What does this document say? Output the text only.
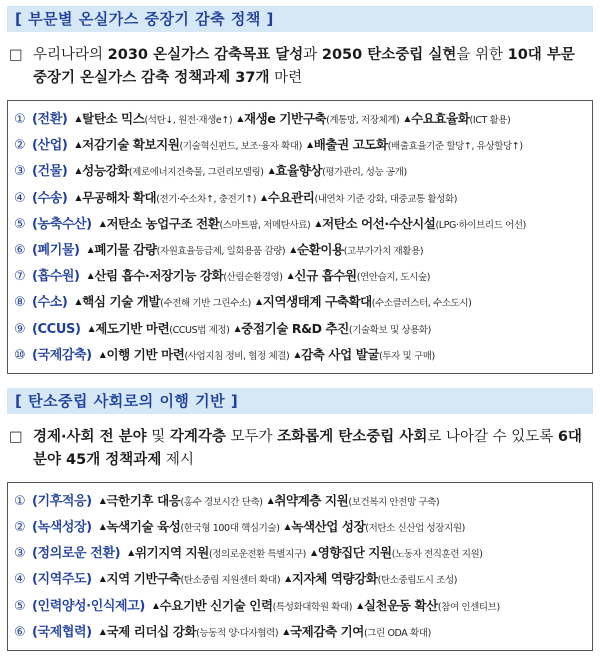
[ 부문별 온실가스 중장기 감축 정책 ]
□ 우리나라의 2030 온실가스 감축목표 달성과 2050 탄소중립 실현을 위한 10대 부문 중장기 온실가스 감축 정책과제 37개 마련
① (전환) ▲탈탄소 믹스(석탄↓, 원전·재생e↑) ▲재생e 기반구축(계통망, 저장체계) ▲수요효율화(ICT 활용)
② (산업) ▲저감기술 확보지원(기술혁신펀드, 보조·융자 확대) ▲배출권 고도화(배출효율기준 할당↑, 유상할당↑)
③ (건물) ▲성능강화(제로에너지건축물, 그린리모델링) ▲효율향상(평가관리, 성능 공개)
④ (수송) ▲무공해차 확대(전기·수소차↑, 충전기↑) ▲수요관리(내연차 기준 강화, 대중교통 활성화)
⑤ (농축수산) ▲저탄소 농업구조 전환(스마트팜, 저메탄사료) ▲저탄소 어선·수산시설(LPG·하이브리드 어선)
⑥ (폐기물) ▲폐기물 감량(자원효율등급제, 일회용품 감량) ▲순환이용(고부가가치 재활용)
⑦ (흡수원) ▲산림 흡수·저장기능 강화(산림순환경영) ▲신규 흡수원(연안습지, 도시숲)
⑧ (수소) ▲핵심 기술 개발(수전해 기반 그린수소) ▲지역생태계 구축확대(수소클러스터, 수소도시)
⑨ (CCUS) ▲제도기반 마련(CCUS법 제정) ▲중점기술 R&D 추진(기술확보 및 상용화)
⑩ (국제감축) ▲이행 기반 마련(사업지침 정비, 협정 체결) ▲감축 사업 발굴(투자 및 구매)
[ 탄소중립 사회로의 이행 기반 ]
□ 경제·사회 전 분야 및 각계각층 모두가 조화롭게 탄소중립 사회로 나아갈 수 있도록 6대 분야 45개 정책과제 제시
① (기후적응) ▲극한기후 대응(홍수 경보시간 단축) ▲취약계층 지원(보건복지 안전망 구축)
② (녹색성장) ▲녹색기술 육성(한국형 100대 핵심기술) ▲녹색산업 성장(저탄소 신산업 성장지원)
③ (정의로운 전환) ▲위기지역 지원(정의로운전환 특별지구) ▲영향집단 지원(노동자 전직훈련 지원)
④ (지역주도) ▲지역 기반구축(탄소중립 지원센터 확대) ▲지자체 역량강화(탄소중립도시 조성)
⑤ (인력양성·인식제고) ▲수요기반 신기술 인력(특성화대학원 확대) ▲실천운동 확산(참여 인센티브)
⑥ (국제협력) ▲국제 리더십 강화(능동적 양·다자협력) ▲국제감축 기여(그린 ODA 확대)
